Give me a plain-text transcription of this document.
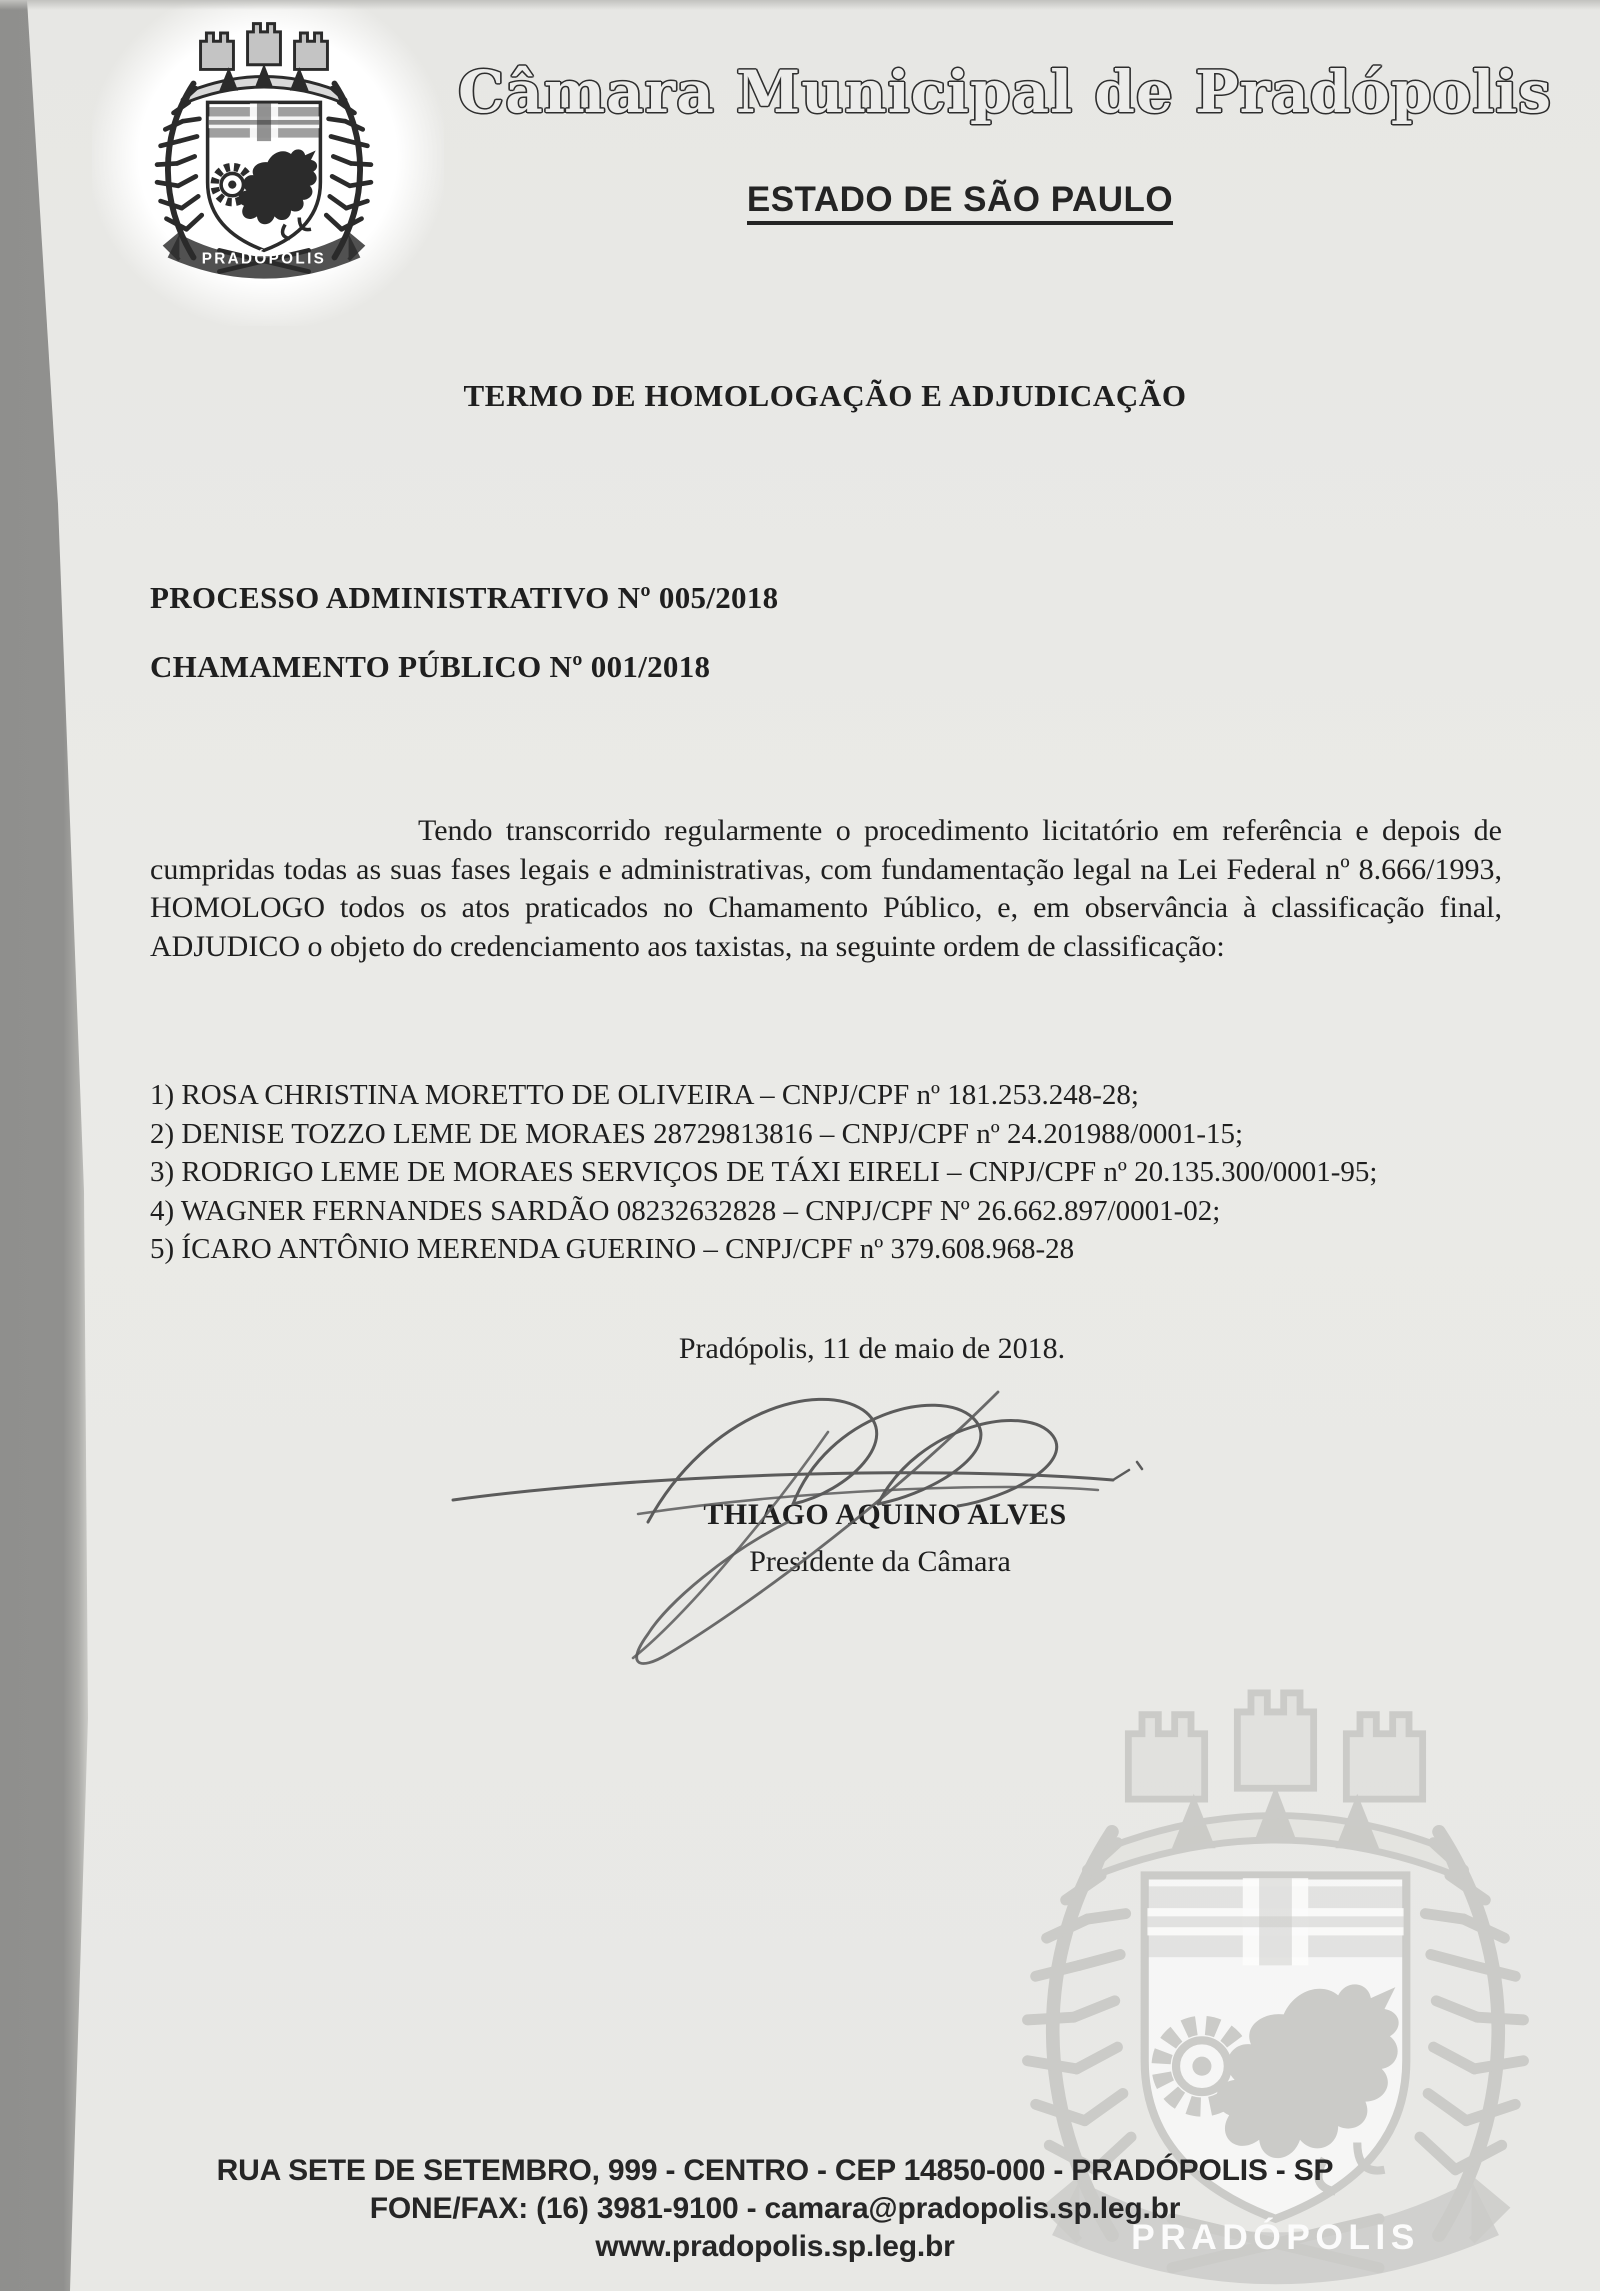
Câmara Municipal de Pradópolis
ESTADO DE SÃO PAULO
TERMO DE HOMOLOGAÇÃO E ADJUDICAÇÃO
PROCESSO ADMINISTRATIVO Nº 005/2018
CHAMAMENTO PÚBLICO Nº 001/2018
Tendo transcorrido regularmente o procedimento licitatório em referência e depois de cumpridas todas as suas fases legais e administrativas, com fundamentação legal na Lei Federal nº 8.666/1993, HOMOLOGO todos os atos praticados no Chamamento Público, e, em observância à classificação final, ADJUDICO o objeto do credenciamento aos taxistas, na seguinte ordem de classificação:
1) ROSA CHRISTINA MORETTO DE OLIVEIRA – CNPJ/CPF nº 181.253.248-28;
2) DENISE TOZZO LEME DE MORAES 28729813816 – CNPJ/CPF nº 24.201988/0001-15;
3) RODRIGO LEME DE MORAES SERVIÇOS DE TÁXI EIRELI – CNPJ/CPF nº 20.135.300/0001-95;
4) WAGNER FERNANDES SARDÃO 08232632828 – CNPJ/CPF Nº 26.662.897/0001-02;
5) ÍCARO ANTÔNIO MERENDA GUERINO – CNPJ/CPF nº 379.608.968-28
Pradópolis, 11 de maio de 2018.
THIAGO AQUINO ALVES
Presidente da Câmara
RUA SETE DE SETEMBRO, 999 - CENTRO - CEP 14850-000 - PRADÓPOLIS - SP
FONE/FAX: (16) 3981-9100 - camara@pradopolis.sp.leg.br
www.pradopolis.sp.leg.br
